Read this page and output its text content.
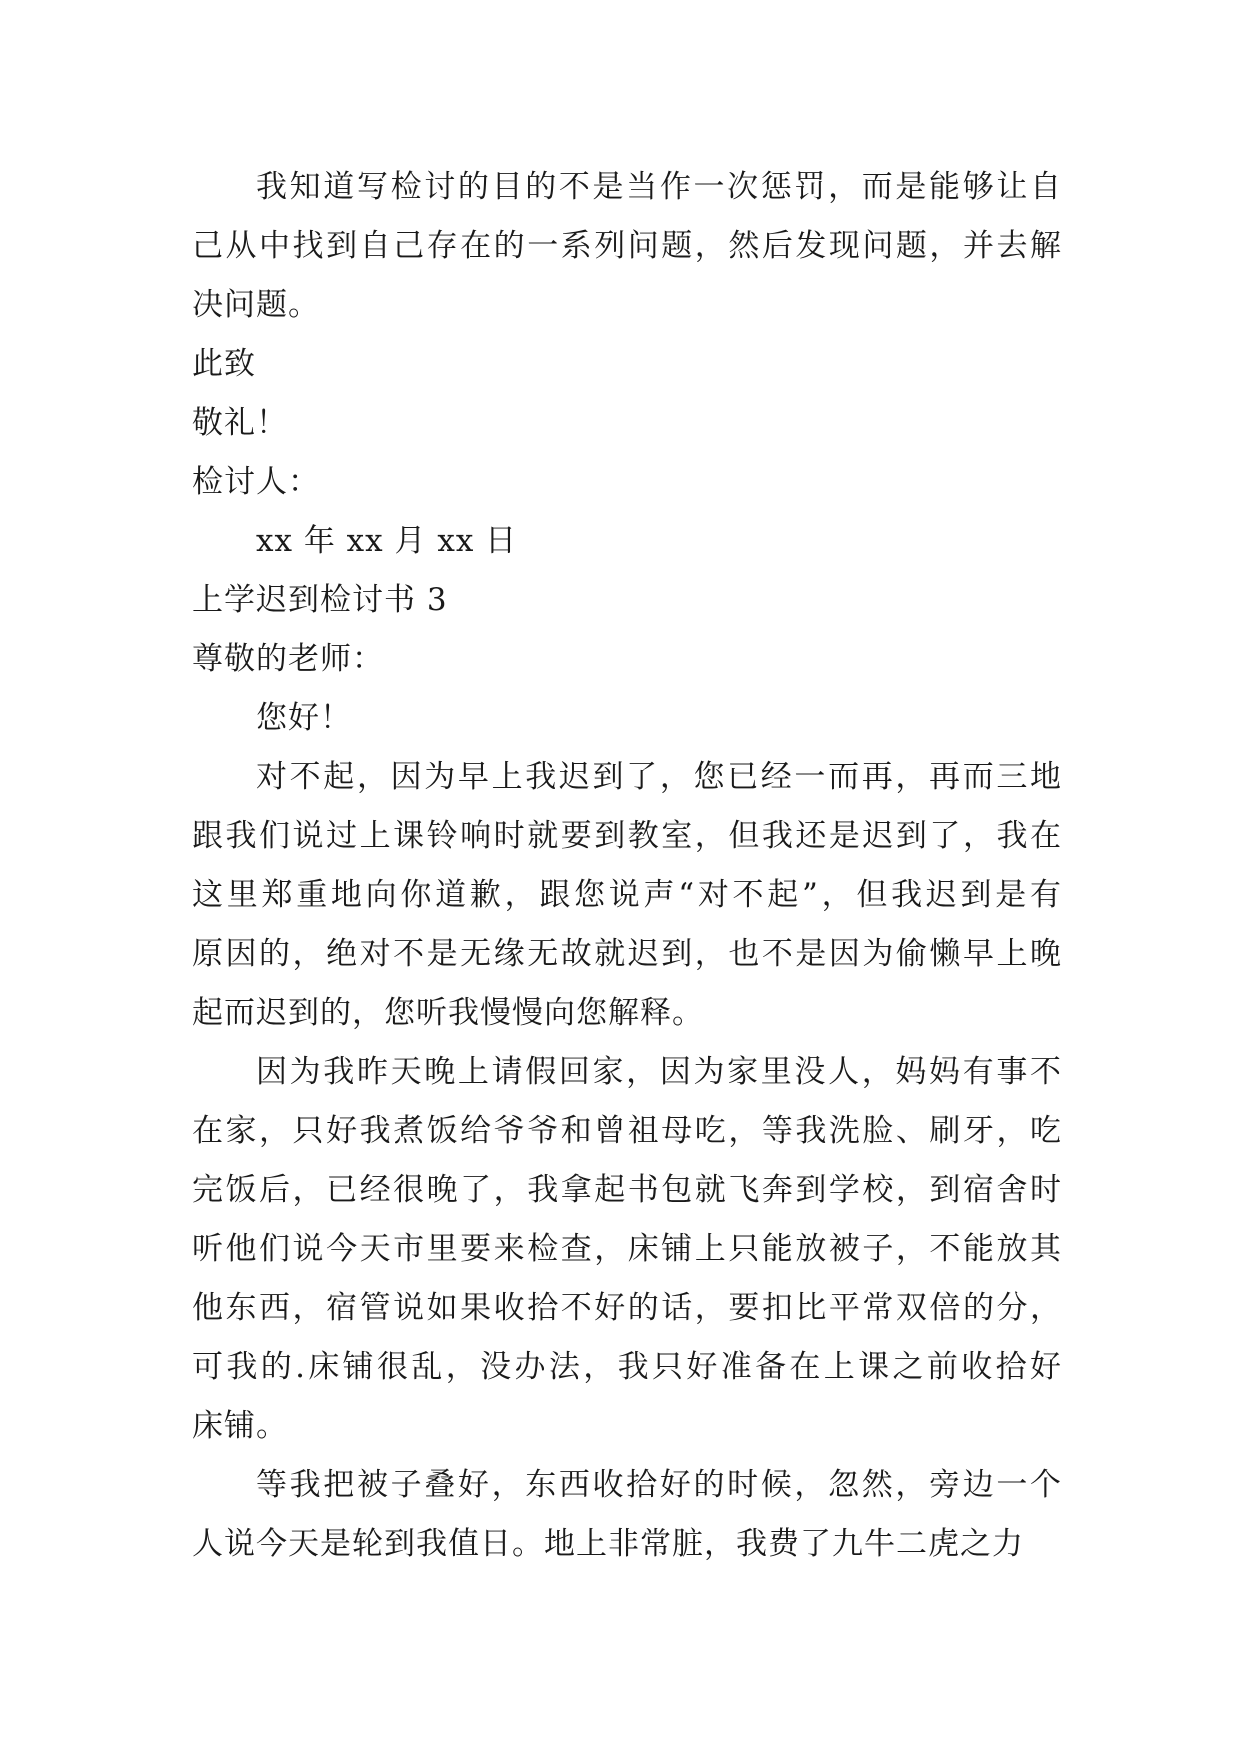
我知道写检讨的目的不是当作一次惩罚，而是能够让自
己从中找到自己存在的一系列问题，然后发现问题，并去解
决问题。
此致
敬礼！
检讨人：
xx 年 xx 月 xx 日
上学迟到检讨书 3
尊敬的老师：
您好！
对不起，因为早上我迟到了，您已经一而再，再而三地
跟我们说过上课铃响时就要到教室，但我还是迟到了，我在
这里郑重地向你道歉，跟您说声“对不起”，但我迟到是有
原因的，绝对不是无缘无故就迟到，也不是因为偷懒早上晚
起而迟到的，您听我慢慢向您解释。
因为我昨天晚上请假回家，因为家里没人，妈妈有事不
在家，只好我煮饭给爷爷和曾祖母吃，等我洗脸、刷牙，吃
完饭后，已经很晚了，我拿起书包就飞奔到学校，到宿舍时
听他们说今天市里要来检查，床铺上只能放被子，不能放其
他东西，宿管说如果收拾不好的话，要扣比平常双倍的分，
可我的.床铺很乱，没办法，我只好准备在上课之前收拾好
床铺。
等我把被子叠好，东西收拾好的时候，忽然，旁边一个
人说今天是轮到我值日。地上非常脏，我费了九牛二虎之力
